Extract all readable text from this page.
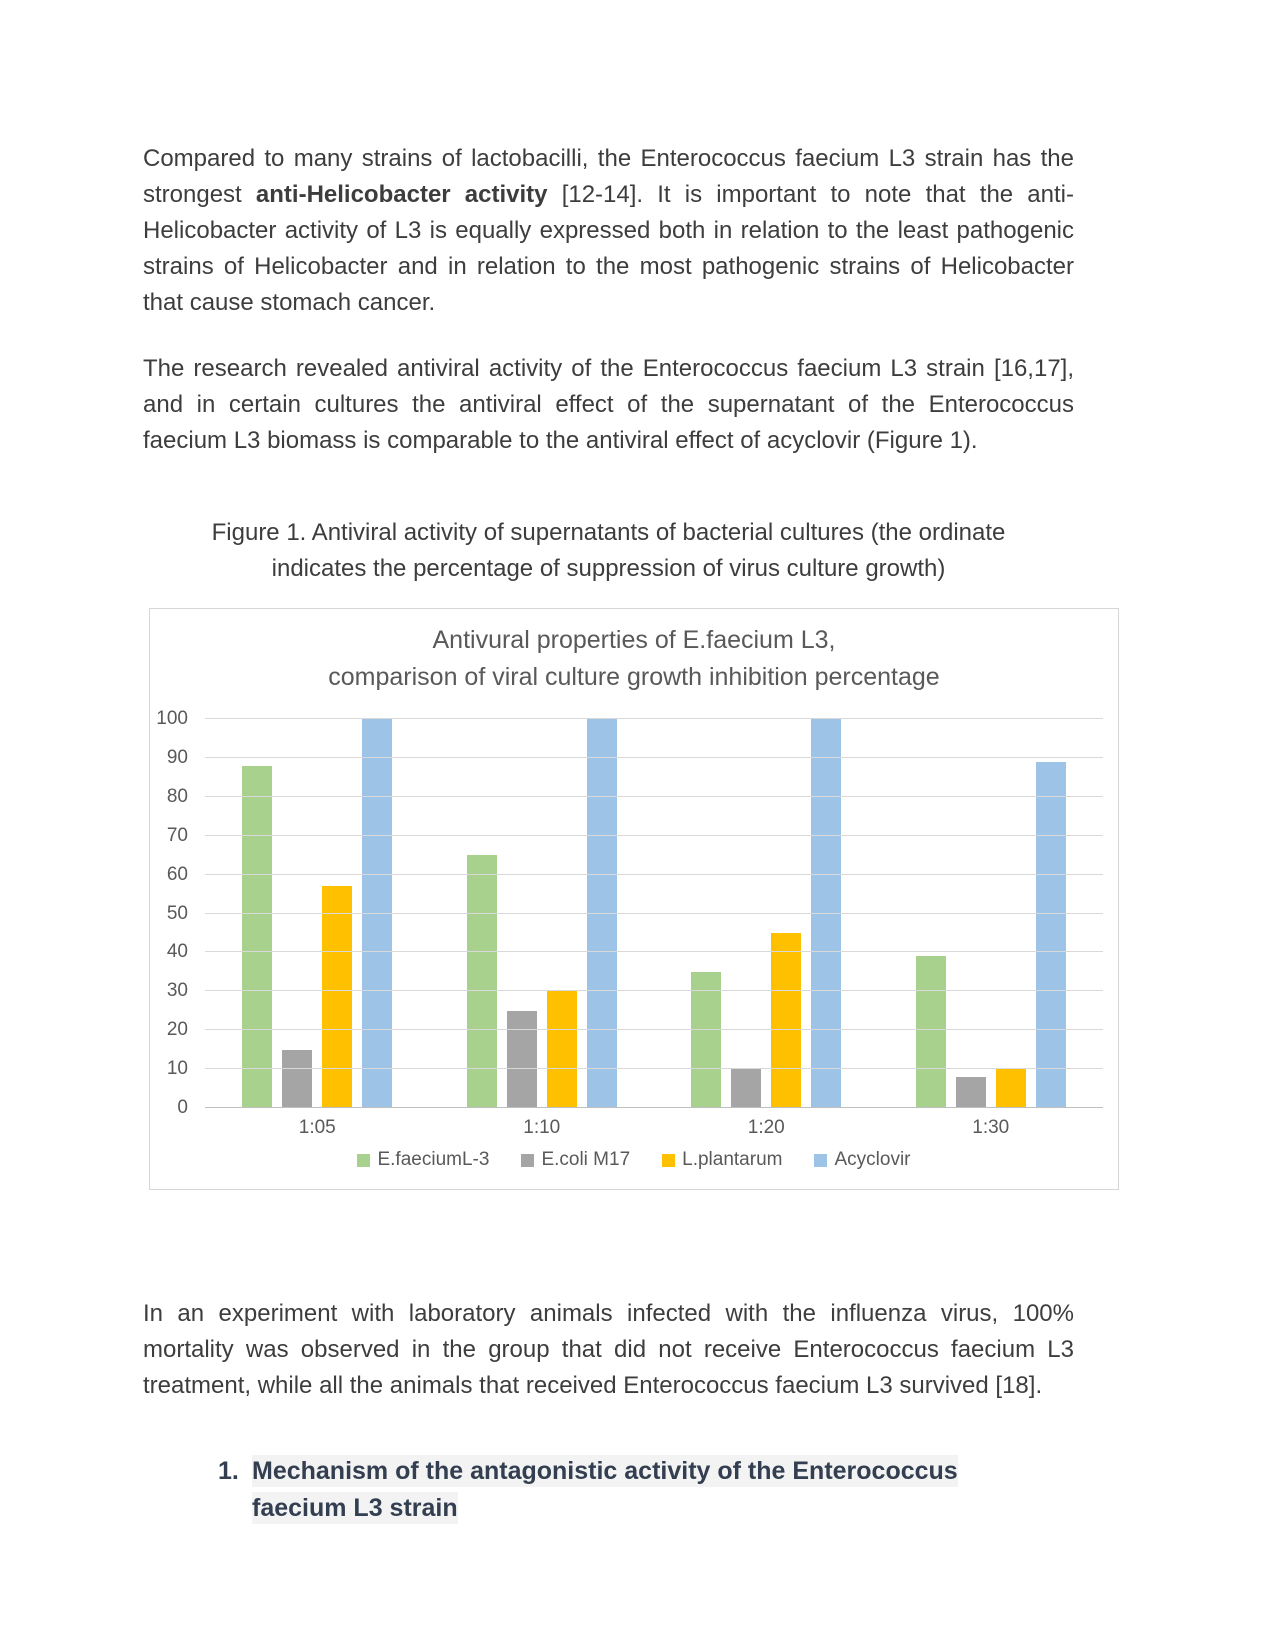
Compared to many strains of lactobacilli, the Enterococcus faecium L3 strain has the strongest anti-Helicobacter activity [12-14]. It is important to note that the anti-Helicobacter activity of L3 is equally expressed both in relation to the least pathogenic strains of Helicobacter and in relation to the most pathogenic strains of Helicobacter that cause stomach cancer.

The research revealed antiviral activity of the Enterococcus faecium L3 strain [16,17], and in certain cultures the antiviral effect of the supernatant of the Enterococcus faecium L3 biomass is comparable to the antiviral effect of acyclovir (Figure 1).

Figure 1. Antiviral activity of supernatants of bacterial cultures (the ordinate indicates the percentage of suppression of virus culture growth)
Antivural properties of E.faecium L3,
comparison of viral culture growth inhibition percentage
0
10
20
30
40
50
60
70
80
90
100
1:05	1:10	1:20	1:30
E.faeciumL-3	E.coli M17	L.plantarum	Acyclovir

In an experiment with laboratory animals infected with the influenza virus, 100% mortality was observed in the group that did not receive Enterococcus faecium L3 treatment, while all the animals that received Enterococcus faecium L3 survived [18].

1. Mechanism of the antagonistic activity of the Enterococcus faecium L3 strain
